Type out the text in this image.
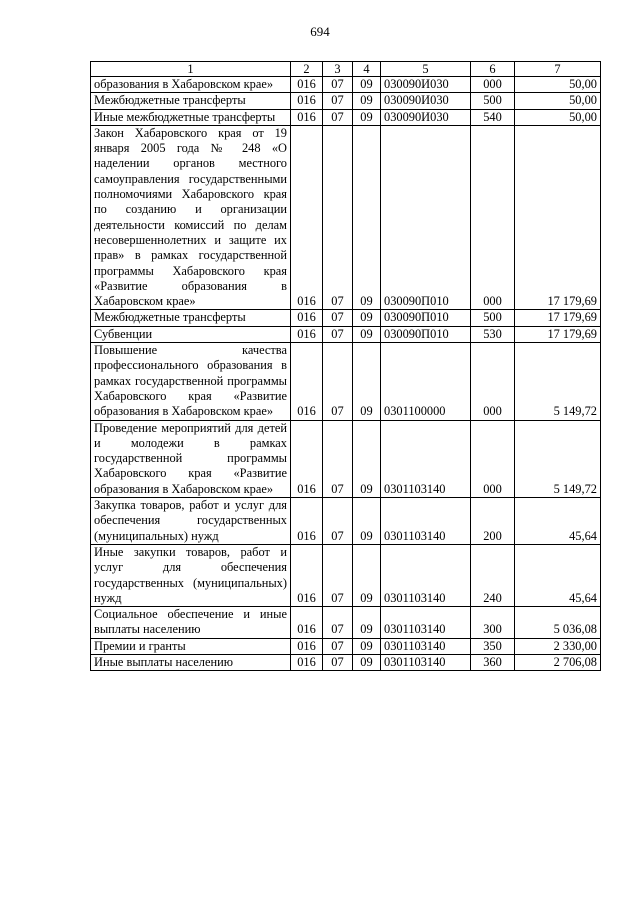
694
1	2	3	4	5	6	7
образования в Хабаровском крае»	016	07	09	030090И030	000	50,00
Межбюджетные трансферты	016	07	09	030090И030	500	50,00
Иные межбюджетные трансферты	016	07	09	030090И030	540	50,00
Закон Хабаровского края от 19 января 2005 года № 248 «О наделении органов местного самоуправления государственными полномочиями Хабаровского края по созданию и организации деятельности комиссий по делам несовершеннолетних и защите их прав» в рамках государственной программы Хабаровского края «Развитие образования в Хабаровском крае»	016	07	09	030090П010	000	17 179,69
Межбюджетные трансферты	016	07	09	030090П010	500	17 179,69
Субвенции	016	07	09	030090П010	530	17 179,69
Повышение качества профессионального образования в рамках государственной программы Хабаровского края «Развитие образования в Хабаровском крае»	016	07	09	0301100000	000	5 149,72
Проведение мероприятий для детей и молодежи в рамках государственной программы Хабаровского края «Развитие образования в Хабаровском крае»	016	07	09	0301103140	000	5 149,72
Закупка товаров, работ и услуг для обеспечения государственных (муниципальных) нужд	016	07	09	0301103140	200	45,64
Иные закупки товаров, работ и услуг для обеспечения государственных (муниципальных) нужд	016	07	09	0301103140	240	45,64
Социальное обеспечение и иные выплаты населению	016	07	09	0301103140	300	5 036,08
Премии и гранты	016	07	09	0301103140	350	2 330,00
Иные выплаты населению	016	07	09	0301103140	360	2 706,08
